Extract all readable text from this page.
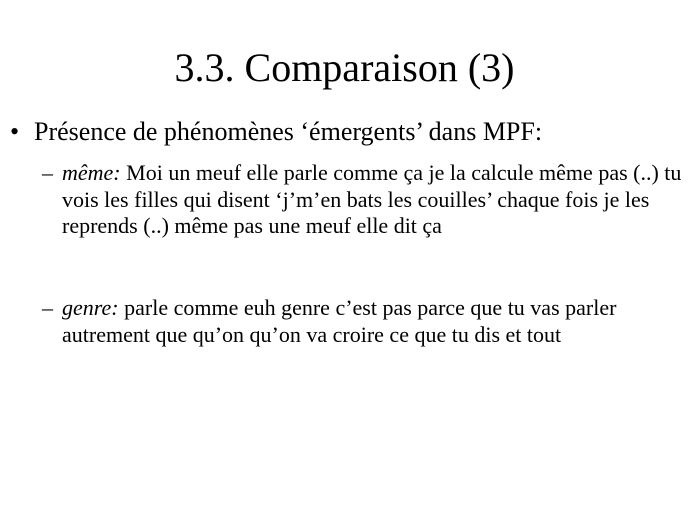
3.3. Comparaison (3)
• Présence de phénomènes ‘émergents’ dans MPF:
– même: Moi un meuf elle parle comme ça je la calcule même pas (..) tu vois les filles qui disent ‘j’m’en bats les couilles’ chaque fois je les reprends (..) même pas une meuf elle dit ça
– genre: parle comme euh genre c’est pas parce que tu vas parler autrement que qu’on qu’on va croire ce que tu dis et tout
